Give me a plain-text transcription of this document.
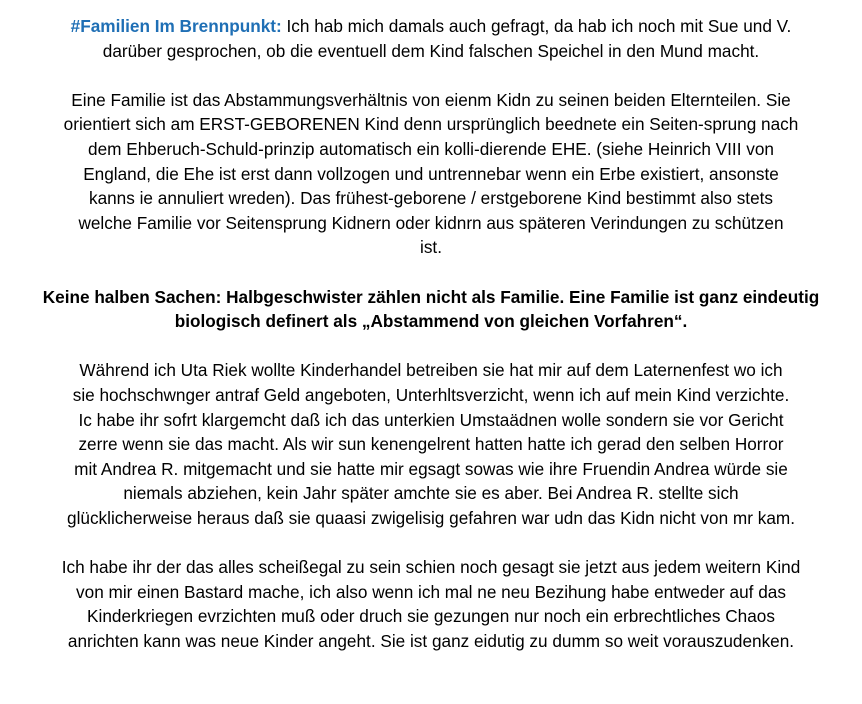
#Familien Im Brennpunkt: Ich hab mich damals auch gefragt, da hab ich noch mit Sue und V.
darüber gesprochen, ob die eventuell dem Kind falschen Speichel in den Mund macht.
Eine Familie ist das Abstammungsverhältnis von eienm Kidn zu seinen beiden Elternteilen. Sie
orientiert sich am ERST-GEBORENEN Kind denn ursprünglich beednete ein Seiten-sprung nach
dem Ehberuch-Schuld-prinzip automatisch ein kolli-dierende EHE. (siehe Heinrich VIII von
England, die Ehe ist erst dann vollzogen und untrennebar wenn ein Erbe existiert, ansonste
kanns ie annuliert wreden). Das frühest-geborene / erstgeborene Kind bestimmt also stets
welche Familie vor Seitensprung Kidnern oder kidnrn aus späteren Verindungen zu schützen
ist.
Keine halben Sachen: Halbgeschwister zählen nicht als Familie. Eine Familie ist ganz eindeutig
biologisch definert als „Abstammend von gleichen Vorfahren“.
Während ich Uta Riek wollte Kinderhandel betreiben sie hat mir auf dem Laternenfest wo ich
sie hochschwnger antraf Geld angeboten, Unterhltsverzicht, wenn ich auf mein Kind verzichte.
Ic habe ihr sofrt klargemcht daß ich das unterkien Umstaädnen wolle sondern sie vor Gericht
zerre wenn sie das macht. Als wir sun kenengelrent hatten hatte ich gerad den selben Horror
mit Andrea R. mitgemacht und sie hatte mir egsagt sowas wie ihre Fruendin Andrea würde sie
niemals abziehen, kein Jahr später amchte sie es aber. Bei Andrea R. stellte sich
glücklicherweise heraus daß sie quaasi zwigelisig gefahren war udn das Kidn nicht von mr kam.
Ich habe ihr der das alles scheißegal zu sein schien noch gesagt sie jetzt aus jedem weitern Kind
von mir einen Bastard mache, ich also wenn ich mal ne neu Bezihung habe entweder auf das
Kinderkriegen evrzichten muß oder druch sie gezungen nur noch ein erbrechtliches Chaos
anrichten kann was neue Kinder angeht. Sie ist ganz eidutig zu dumm so weit vorauszudenken.
